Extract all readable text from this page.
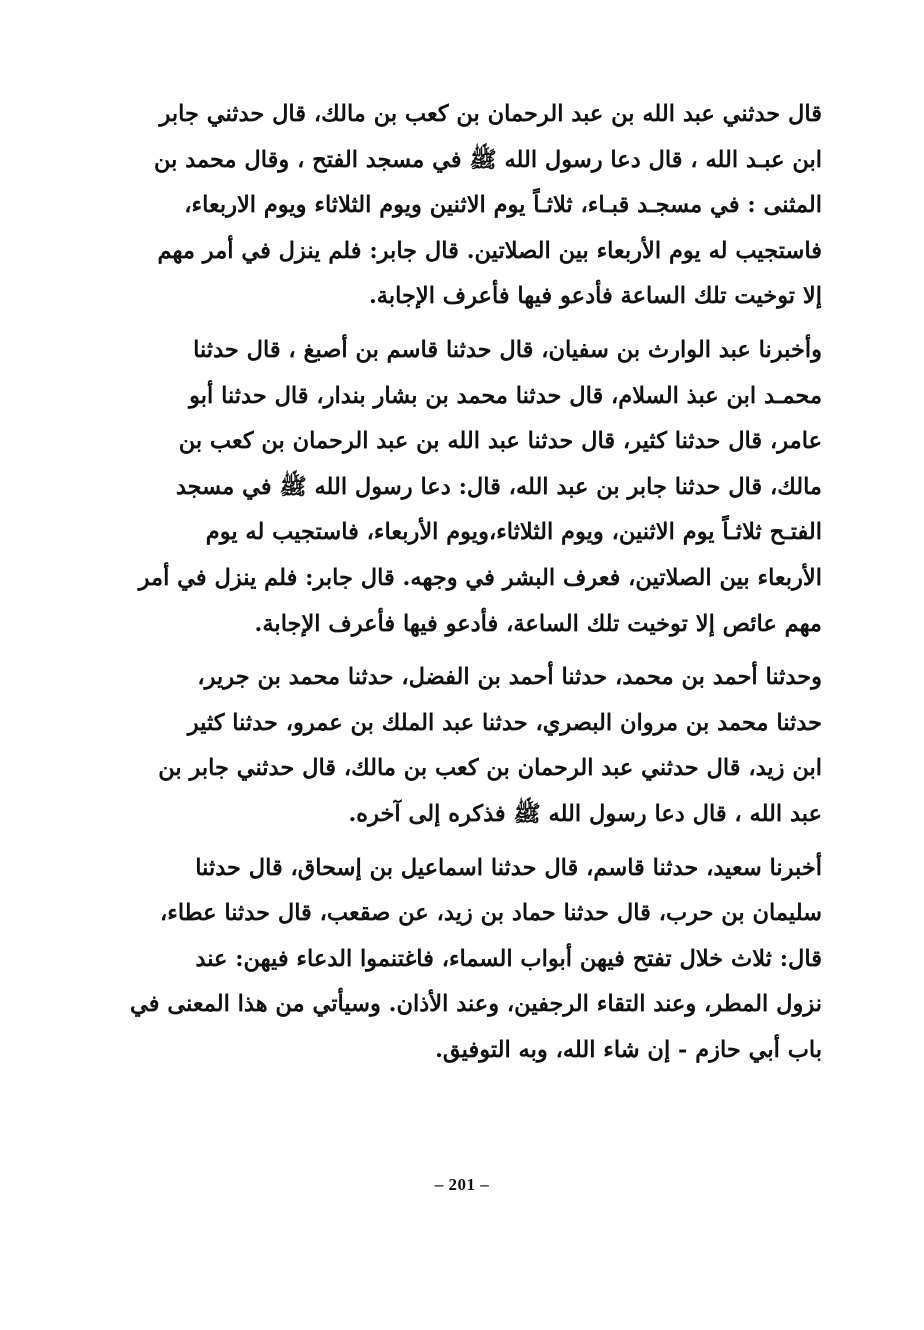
قال حدثني عبد الله بن عبد الرحمان بن كعب بن مالك، قال حدثني جابر
ابن عبـد الله ، قال دعا رسول الله ﷺ في مسجد الفتح ، وقال محمد بن
المثنى : في مسجـد قبـاء، ثلاثـاً يوم الاثنين ويوم الثلاثاء ويوم الاربعاء،
فاستجيب له يوم الأربعاء بين الصلاتين. قال جابر: فلم ينزل في أمر مهم
إلا توخيت تلك الساعة فأدعو فيها فأعرف الإجابة.
وأخبرنا عبد الوارث بن سفيان، قال حدثنا قاسم بن أصبغ ، قال حدثنا
محمـد ابن عبذ السلام، قال حدثنا محمد بن بشار بندار، قال حدثنا أبو
عامر، قال حدثنا كثير، قال حدثنا عبد الله بن عبد الرحمان بن كعب بن
مالك، قال حدثنا جابر بن عبد الله، قال: دعا رسول الله ﷺ في مسجد
الفتـح ثلاثـاً يوم الاثنين، ويوم الثلاثاء،ويوم الأربعاء، فاستجيب له يوم
الأربعاء بين الصلاتين، فعرف البشر في وجهه. قال جابر: فلم ينزل في أمر
مهم عائص إلا توخيت تلك الساعة، فأدعو فيها فأعرف الإجابة.
وحدثنا أحمد بن محمد، حدثنا أحمد بن الفضل، حدثنا محمد بن جرير،
حدثنا محمد بن مروان البصري، حدثنا عبد الملك بن عمرو، حدثنا كثير
ابن زيد، قال حدثني عبد الرحمان بن كعب بن مالك، قال حدثني جابر بن
عبد الله ، قال دعا رسول الله ﷺ فذكره إلى آخره.
أخبرنا سعيد، حدثنا قاسم، قال حدثنا اسماعيل بن إسحاق، قال حدثنا
سليمان بن حرب، قال حدثنا حماد بن زيد، عن صقعب، قال حدثنا عطاء،
قال: ثلاث خلال تفتح فيهن أبواب السماء، فاغتنموا الدعاء فيهن: عند
نزول المطر، وعند التقاء الرجفين، وعند الأذان. وسيأتي من هذا المعنى في
باب أبي حازم - إن شاء الله، وبه التوفيق.
– 201 –
